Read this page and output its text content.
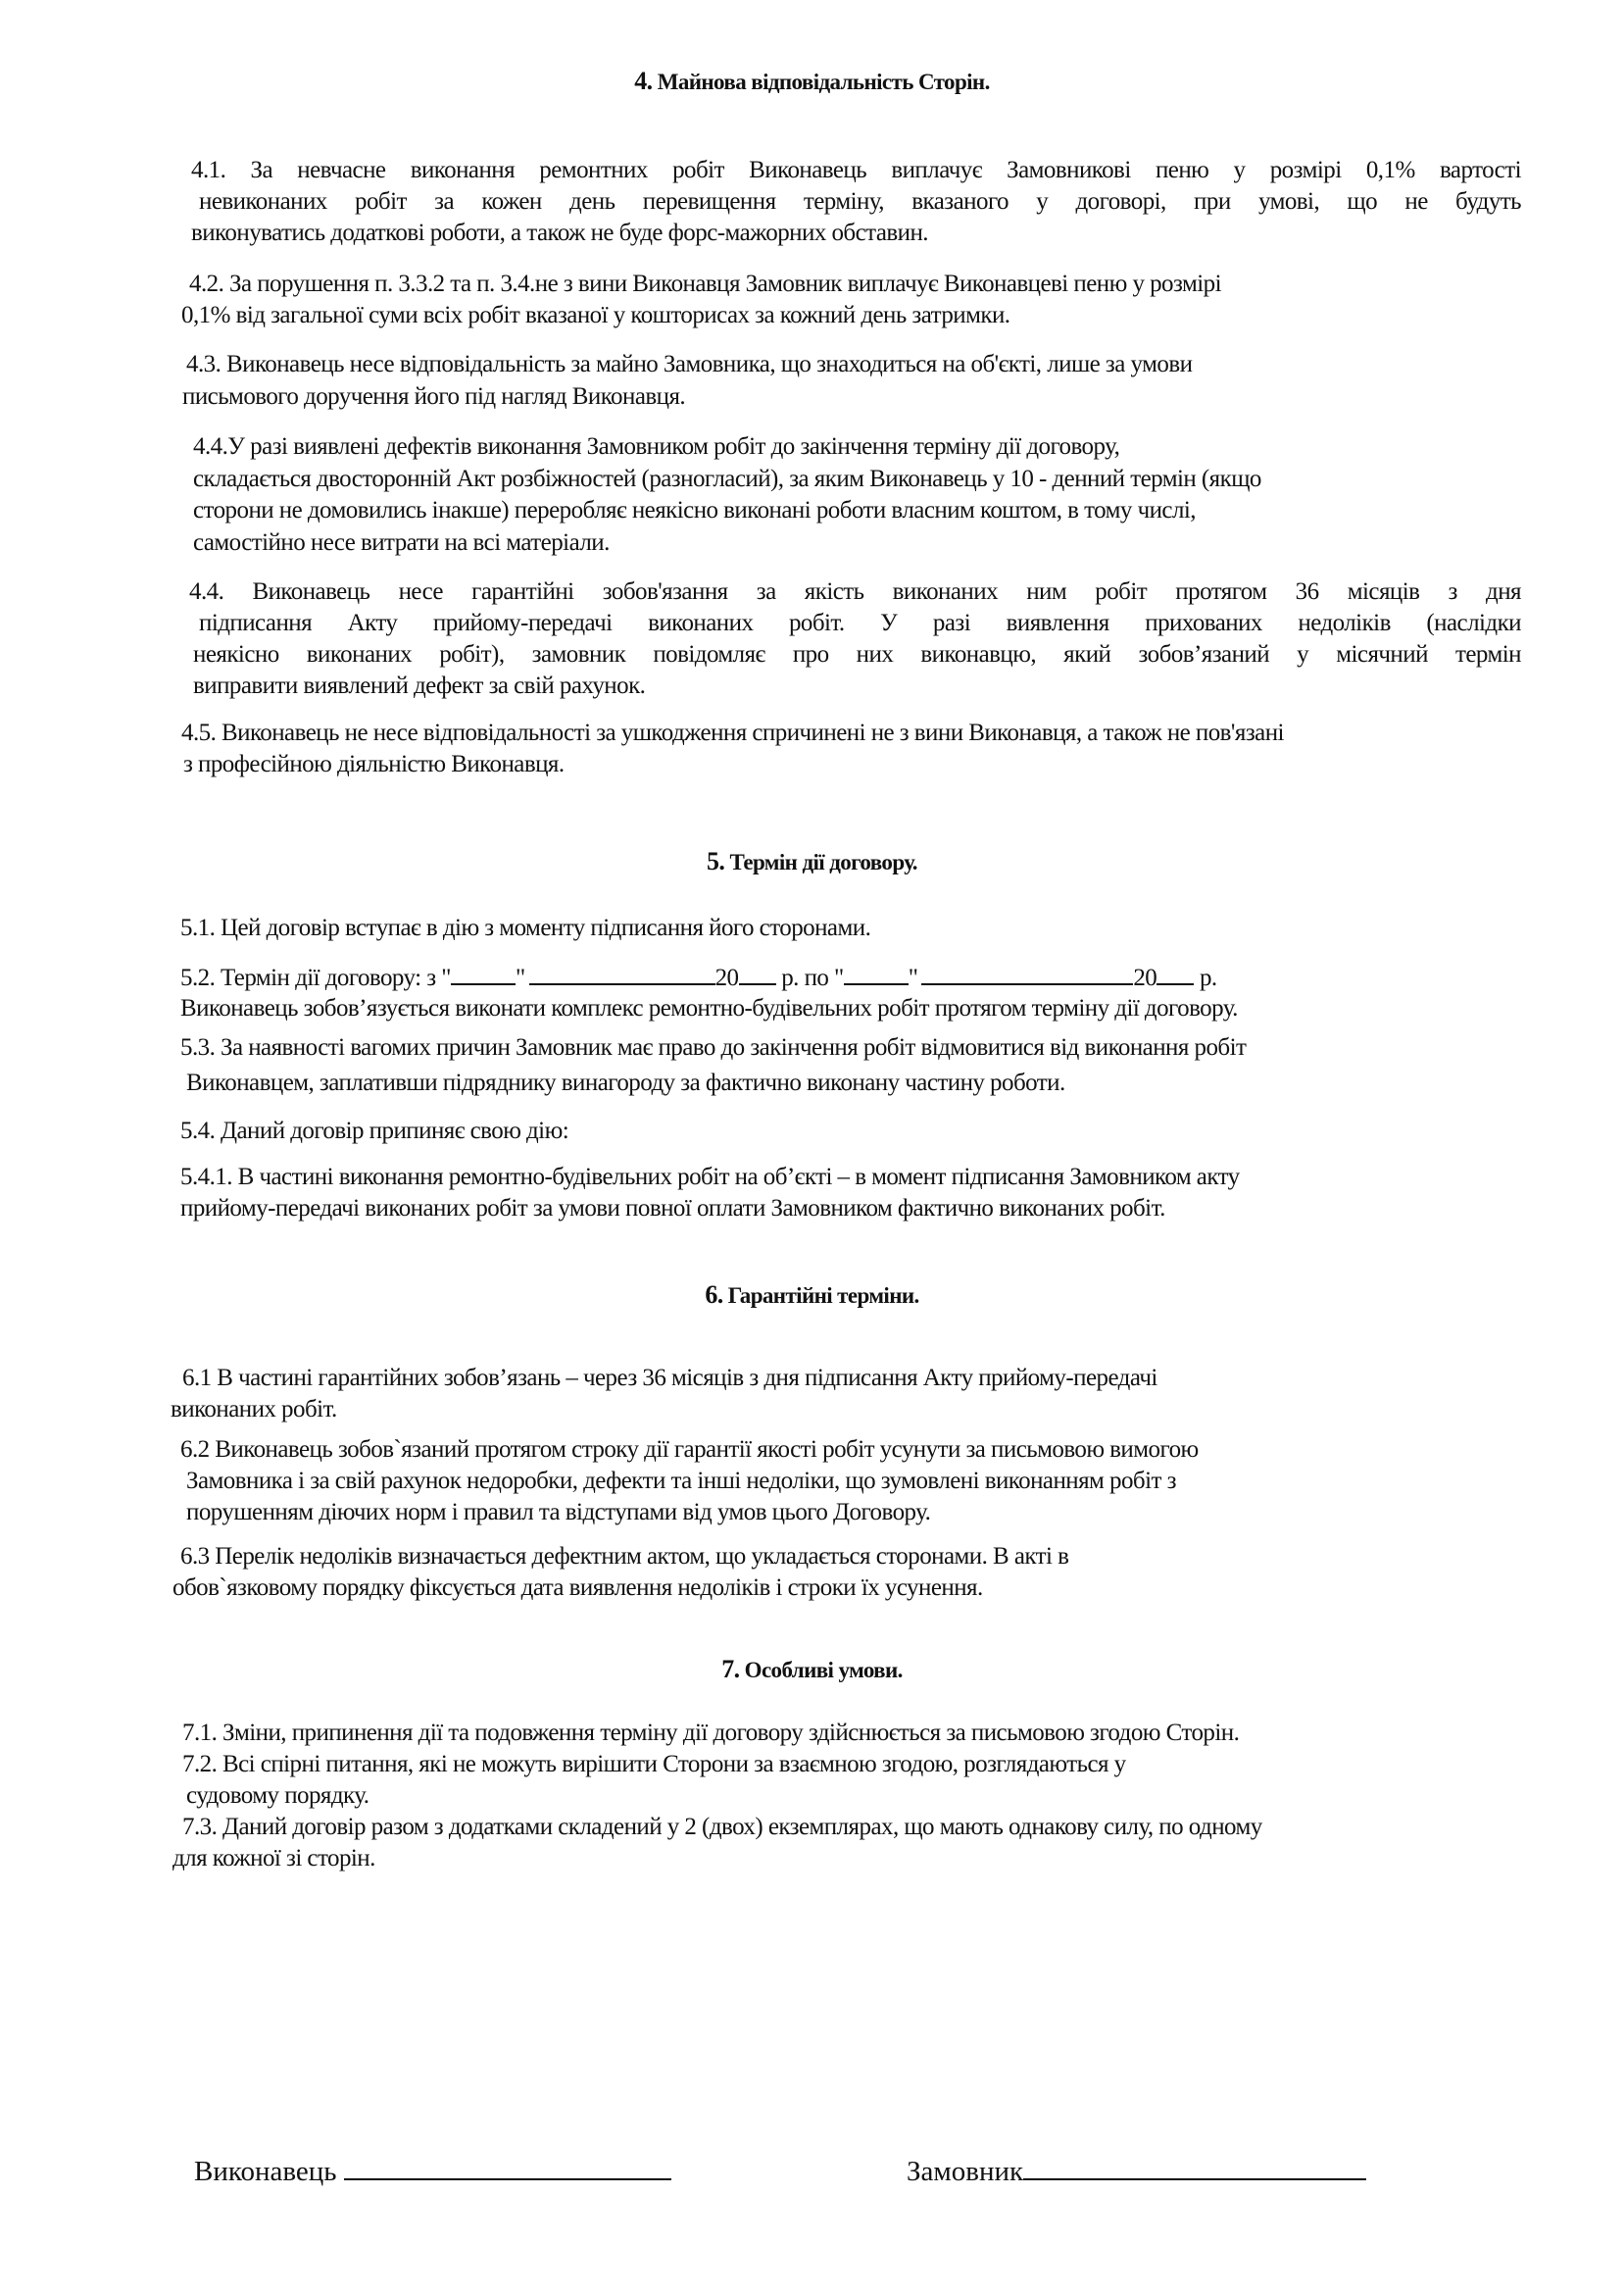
4. Майнова відповідальність Сторін.
4.1. За невчасне виконання ремонтних робіт Виконавець виплачує Замовникові пеню у розмірі 0,1% вартості
невиконаних робіт за кожен день перевищення терміну, вказаного у договорі, при умові, що не будуть
виконуватись додаткові роботи, а також не буде форс-мажорних обставин.
4.2. За порушення п. 3.3.2 та п. 3.4.не з вини Виконавця Замовник виплачує Виконавцеві пеню у розмірі
0,1% від загальної суми всіх робіт вказаної у кошторисах за кожний день затримки.
4.3. Виконавець несе відповідальність за майно Замовника, що знаходиться на об'єкті, лише за умови
письмового доручення його під нагляд Виконавця.
4.4.У разі виявлені дефектів виконання Замовником робіт до закінчення терміну дії договору,
складається двосторонній Акт розбіжностей (разногласий), за яким Виконавець у 10 - денний термін (якщо
сторони не домовились інакше) переробляє неякісно виконані роботи власним коштом, в тому числі,
самостійно несе витрати на всі матеріали.
4.4. Виконавець несе гарантійні зобов'язання за якість виконаних ним робіт протягом 36 місяців з дня
підписання Акту прийому-передачі виконаних робіт. У разі виявлення прихованих недоліків (наслідки
неякісно виконаних робіт), замовник повідомляє про них виконавцю, який зобов’язаний у місячний термін
виправити виявлений дефект за свій рахунок.
4.5. Виконавець не несе відповідальності за ушкодження спричинені не з вини Виконавця, а також не пов'язані
з професійною діяльністю Виконавця.
5. Термін дії договору.
5.1. Цей договір вступає в дію з моменту підписання його сторонами.
5.2. Термін дії договору: з "	"	20 р. по "	"	20 р.
Виконавець зобов’язується виконати комплекс ремонтно-будівельних робіт протягом терміну дії договору.
5.3. За наявності вагомих причин Замовник має право до закінчення робіт відмовитися від виконання робіт
Виконавцем, заплативши підряднику винагороду за фактично виконану частину роботи.
5.4. Даний договір припиняє свою дію:
5.4.1. В частині виконання ремонтно-будівельних робіт на об’єкті – в момент підписання Замовником акту
прийому-передачі виконаних робіт за умови повної оплати Замовником фактично виконаних робіт.
6. Гарантійні терміни.
6.1 В частині гарантійних зобов’язань – через 36 місяців з дня підписання Акту прийому-передачі
виконаних робіт.
6.2 Виконавець зобов`язаний протягом строку дії гарантії якості робіт усунути за письмовою вимогою
Замовника і за свій рахунок недоробки, дефекти та інші недоліки, що зумовлені виконанням робіт з
порушенням діючих норм і правил та відступами від умов цього Договору.
6.3 Перелік недоліків визначається дефектним актом, що укладається сторонами. В акті в
обов`язковому порядку фіксується дата виявлення недоліків і строки їх усунення.
7. Особливі умови.
7.1. Зміни, припинення дії та подовження терміну дії договору здійснюється за письмовою згодою Сторін.
7.2. Всі спірні питання, які не можуть вирішити Сторони за взаємною згодою, розглядаються у
судовому порядку.
7.3. Даний договір разом з додатками складений у 2 (двох) екземплярах, що мають однакову силу, по одному
для кожної зі сторін.
Виконавець	Замовник
